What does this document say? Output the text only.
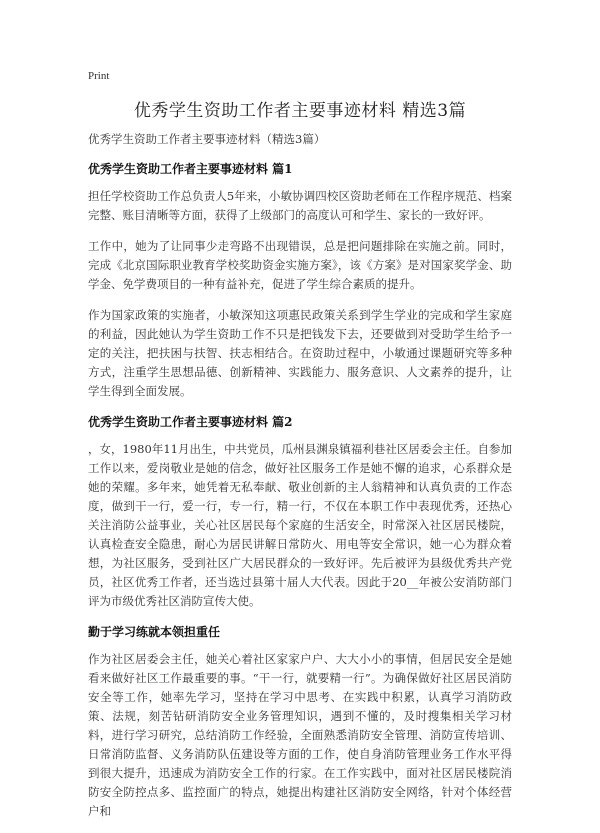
Print
优秀学生资助工作者主要事迹材料 精选3篇

优秀学生资助工作者主要事迹材料（精选3篇）

优秀学生资助工作者主要事迹材料 篇1

担任学校资助工作总负责人5年来，小敏协调四校区资助老师在工作程序规范、档案完整、账目清晰等方面，获得了上级部门的高度认可和学生、家长的一致好评。

工作中，她为了让同事少走弯路不出现错误，总是把问题排除在实施之前。同时，完成《北京国际职业教育学校奖助资金实施方案》，该《方案》是对国家奖学金、助学金、免学费项目的一种有益补充，促进了学生综合素质的提升。

作为国家政策的实施者，小敏深知这项惠民政策关系到学生学业的完成和学生家庭的利益，因此她认为学生资助工作不只是把钱发下去，还要做到对受助学生给予一定的关注，把扶困与扶智、扶志相结合。在资助过程中，小敏通过课题研究等多种方式，注重学生思想品德、创新精神、实践能力、服务意识、人文素养的提升，让学生得到全面发展。

优秀学生资助工作者主要事迹材料 篇2

，女，1980年11月出生，中共党员，瓜州县渊泉镇福利巷社区居委会主任。自参加工作以来，爱岗敬业是她的信念，做好社区服务工作是她不懈的追求，心系群众是她的荣耀。多年来，她凭着无私奉献、敬业创新的主人翁精神和认真负责的工作态度，做到干一行，爱一行，专一行，精一行，不仅在本职工作中表现优秀，还热心关注消防公益事业，关心社区居民每个家庭的生活安全，时常深入社区居民楼院，认真检查安全隐患，耐心为居民讲解日常防火、用电等安全常识，她一心为群众着想，为社区服务，受到社区广大居民群众的一致好评。先后被评为县级优秀共产党员，社区优秀工作者，还当选过县第十届人大代表。因此于20__年被公安消防部门评为市级优秀社区消防宣传大使。

勤于学习练就本领担重任

作为社区居委会主任，她关心着社区家家户户、大大小小的事情，但居民安全是她看来做好社区工作最重要的事。“干一行，就要精一行”。为确保做好社区居民消防安全等工作，她率先学习，坚持在学习中思考、在实践中积累，认真学习消防政策、法规，刻苦钻研消防安全业务管理知识，遇到不懂的，及时搜集相关学习材料，进行学习研究，总结消防工作经验，全面熟悉消防安全管理、消防宣传培训、日常消防监督、义务消防队伍建设等方面的工作，使自身消防管理业务工作水平得到很大提升，迅速成为消防安全工作的行家。在工作实践中，面对社区居民楼院消防安全防控点多、监控面广的特点，她提出构建社区消防安全网络，针对个体经营户和
